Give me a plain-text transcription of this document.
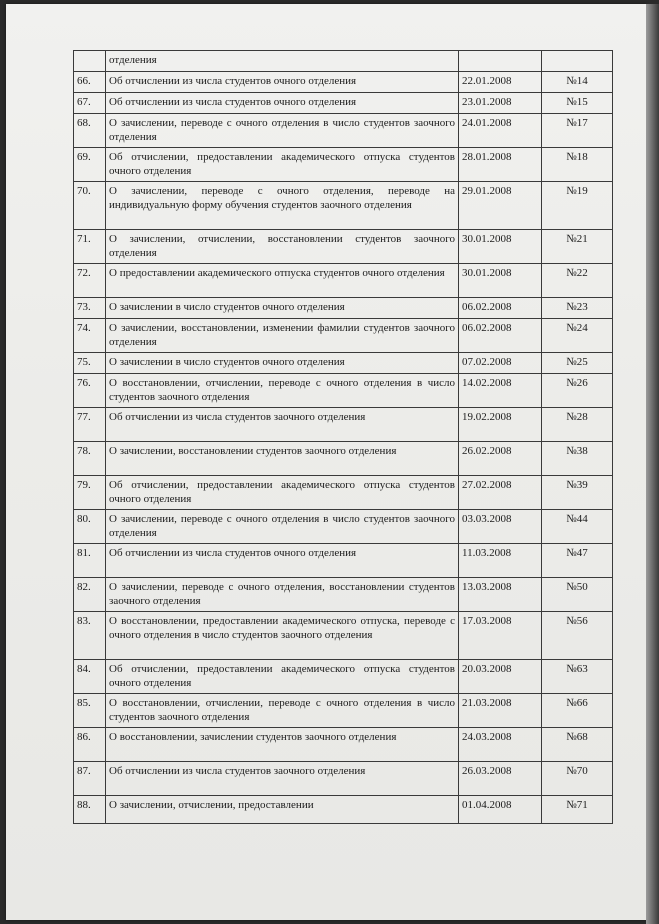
	отделения		
66.	Об отчислении из числа студентов очного отделения	22.01.2008	№14
67.	Об отчислении из числа студентов очного отделения	23.01.2008	№15
68.	О зачислении, переводе с очного отделения в число студентов заочного отделения	24.01.2008	№17
69.	Об отчислении, предоставлении академического отпуска студентов очного отделения	28.01.2008	№18
70.	О зачислении, переводе с очного отделения, переводе на индивидуальную форму обучения студентов заочного отделения	29.01.2008	№19
71.	О зачислении, отчислении, восстановлении студентов заочного отделения	30.01.2008	№21
72.	О предоставлении академического отпуска студентов очного отделения	30.01.2008	№22
73.	О зачислении в число студентов очного отделения	06.02.2008	№23
74.	О зачислении, восстановлении, изменении фамилии студентов заочного отделения	06.02.2008	№24
75.	О зачислении в число студентов очного отделения	07.02.2008	№25
76.	О восстановлении, отчислении, переводе с очного отделения в число студентов заочного отделения	14.02.2008	№26
77.	Об отчислении из числа студентов заочного отделения	19.02.2008	№28
78.	О зачислении, восстановлении студентов заочного отделения	26.02.2008	№38
79.	Об отчислении, предоставлении академического отпуска студентов очного отделения	27.02.2008	№39
80.	О зачислении, переводе с очного отделения в число студентов заочного отделения	03.03.2008	№44
81.	Об отчислении из числа студентов очного отделения	11.03.2008	№47
82.	О зачислении, переводе с очного отделения, восстановлении студентов заочного отделения	13.03.2008	№50
83.	О восстановлении, предоставлении академического отпуска, переводе с очного отделения в число студентов заочного отделения	17.03.2008	№56
84.	Об отчислении, предоставлении академического отпуска студентов очного отделения	20.03.2008	№63
85.	О восстановлении, отчислении, переводе с очного отделения в число студентов заочного отделения	21.03.2008	№66
86.	О восстановлении, зачислении студентов заочного отделения	24.03.2008	№68
87.	Об отчислении из числа студентов заочного отделения	26.03.2008	№70
88.	О зачислении, отчислении, предоставлении	01.04.2008	№71
